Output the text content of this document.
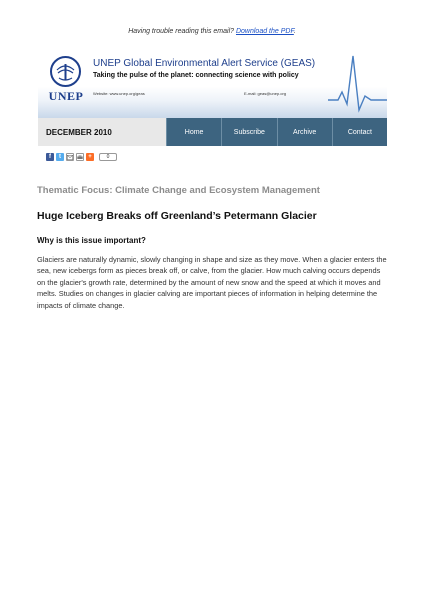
Having trouble reading this email? Download the PDF.
UNEP
UNEP Global Environmental Alert Service (GEAS)
Taking the pulse of the planet: connecting science with policy
Website: www.unep.org/geas	E-mail: geas@unep.org
DECEMBER 2010	Home	Subscribe	Archive	Contact
f	t	+	0
Thematic Focus: Climate Change and Ecosystem Management
Huge Iceberg Breaks off Greenland’s Petermann Glacier
Why is this issue important?

Glaciers are naturally dynamic, slowly changing in shape and size as they move. When a glacier enters the sea, new icebergs form as pieces break off, or calve, from the glacier. How much calving occurs depends on the glacier's growth rate, determined by the amount of new snow and the speed at which it moves and melts. Studies on changes in glacier calving are important pieces of information in helping determine the impacts of climate change.
